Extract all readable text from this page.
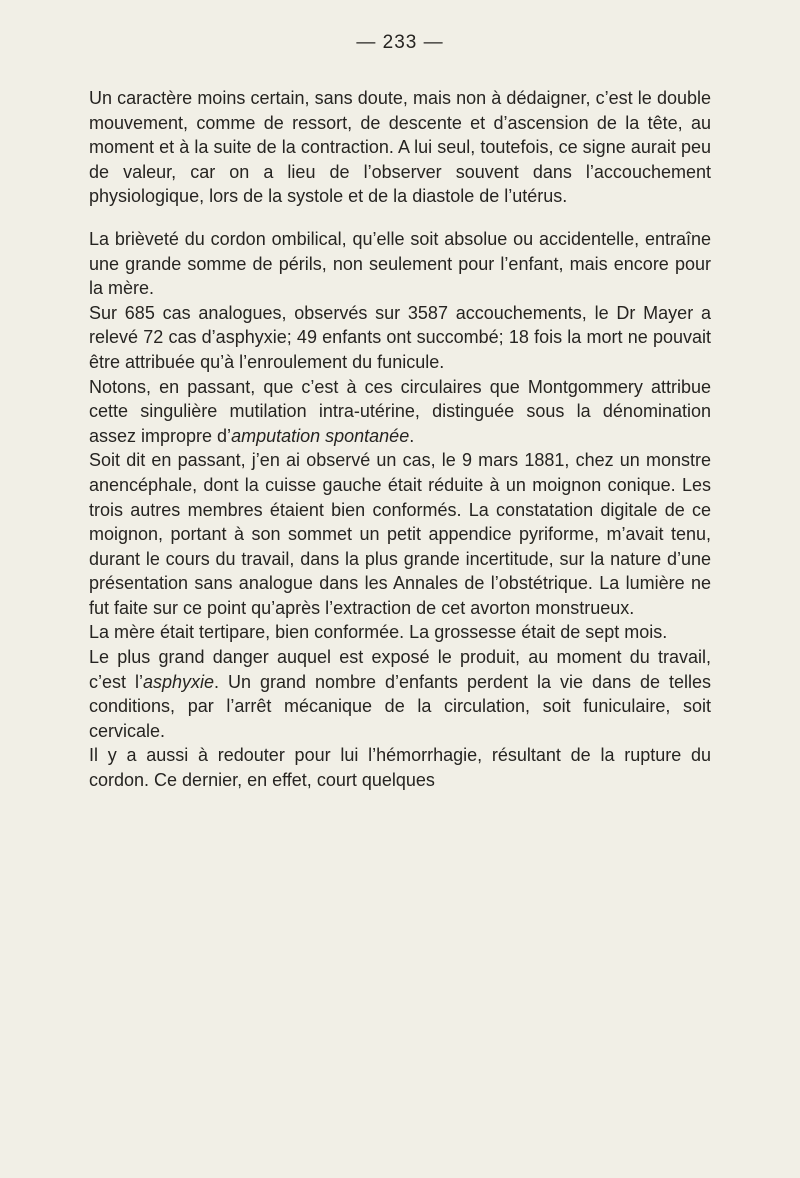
— 233 —

Un caractère moins certain, sans doute, mais non à dédaigner, c’est le double mouvement, comme de ressort, de descente et d’ascension de la tête, au moment et à la suite de la contraction. A lui seul, toutefois, ce signe aurait peu de valeur, car on a lieu de l’observer souvent dans l’accouchement physiologique, lors de la systole et de la diastole de l’utérus.

La brièveté du cordon ombilical, qu’elle soit absolue ou accidentelle, entraîne une grande somme de périls, non seulement pour l’enfant, mais encore pour la mère.

Sur 685 cas analogues, observés sur 3587 accouchements, le Dr Mayer a relevé 72 cas d’asphyxie; 49 enfants ont succombé; 18 fois la mort ne pouvait être attribuée qu’à l’enroulement du funicule.

Notons, en passant, que c’est à ces circulaires que Montgommery attribue cette singulière mutilation intra-utérine, distinguée sous la dénomination assez impropre d’amputation spontanée.

Soit dit en passant, j’en ai observé un cas, le 9 mars 1881, chez un monstre anencéphale, dont la cuisse gauche était réduite à un moignon conique. Les trois autres membres étaient bien conformés. La constatation digitale de ce moignon, portant à son sommet un petit appendice pyriforme, m’avait tenu, durant le cours du travail, dans la plus grande incertitude, sur la nature d’une présentation sans analogue dans les Annales de l’obstétrique. La lumière ne fut faite sur ce point qu’après l’extraction de cet avorton monstrueux.

La mère était tertipare, bien conformée. La grossesse était de sept mois.

Le plus grand danger auquel est exposé le produit, au moment du travail, c’est l’asphyxie. Un grand nombre d’enfants perdent la vie dans de telles conditions, par l’arrêt mécanique de la circulation, soit funiculaire, soit cervicale.

Il y a aussi à redouter pour lui l’hémorrhagie, résultant de la rupture du cordon. Ce dernier, en effet, court quelques
